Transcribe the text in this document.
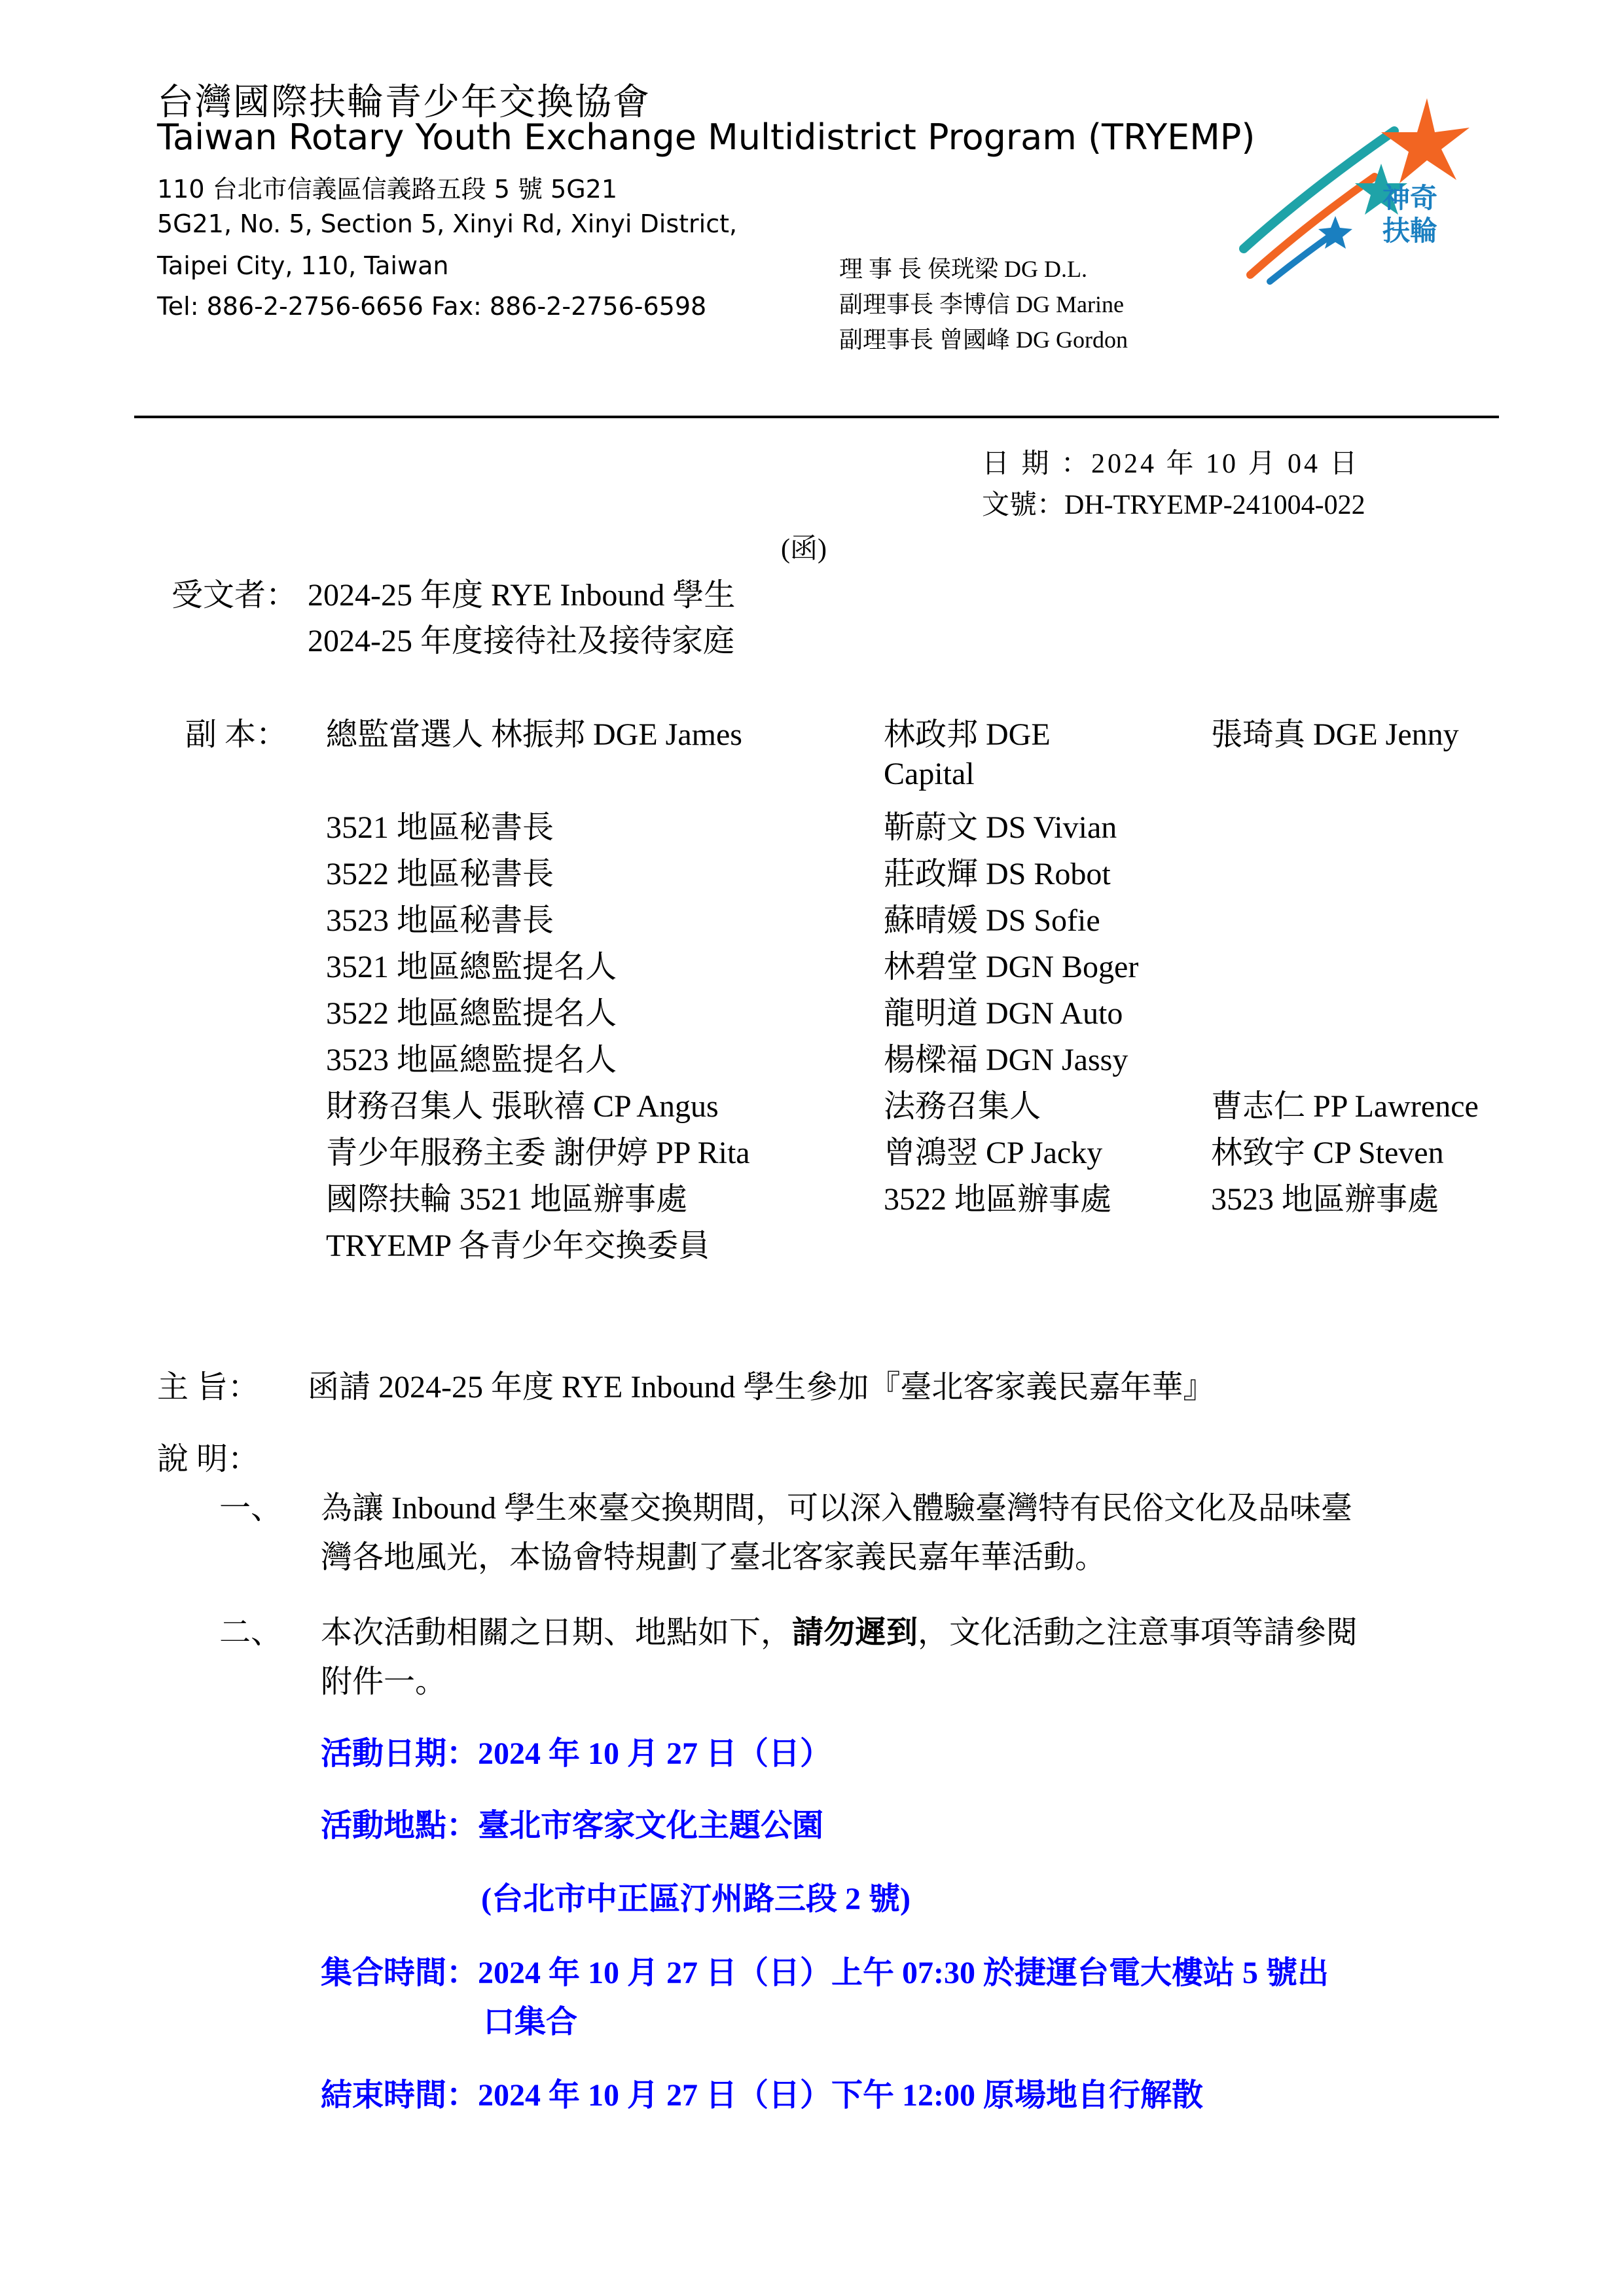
台灣國際扶輪青少年交換協會
Taiwan Rotary Youth Exchange Multidistrict Program (TRYEMP)
110 台北市信義區信義路五段 5 號 5G21
5G21, No. 5, Section 5, Xinyi Rd, Xinyi District,
Taipei City, 110, Taiwan
Tel: 886-2-2756-6656 Fax: 886-2-2756-6598
理 事 長 侯珖梁 DG D.L.
副理事長 李博信 DG Marine
副理事長 曾國峰 DG Gordon
神奇
扶輪
日 期 ：2024 年 10 月 04 日
文號：DH-TRYEMP-241004-022
(函)
受文者： 2024-25 年度 RYE Inbound 學生
2024-25 年度接待社及接待家庭
副 本： 總監當選人 林振邦 DGE James	林政邦 DGE	張琦真 DGE Jenny
Capital
3521 地區秘書長	靳蔚文 DS Vivian
3522 地區秘書長	莊政輝 DS Robot
3523 地區秘書長	蘇晴媛 DS Sofie
3521 地區總監提名人	林碧堂 DGN Boger
3522 地區總監提名人	龍明道 DGN Auto
3523 地區總監提名人	楊樑福 DGN Jassy
財務召集人 張耿禧 CP Angus	法務召集人	曹志仁 PP Lawrence
青少年服務主委 謝伊婷 PP Rita	曾鴻翌 CP Jacky	林致宇 CP Steven
國際扶輪 3521 地區辦事處	3522 地區辦事處	3523 地區辦事處
TRYEMP 各青少年交換委員
主 旨： 函請 2024-25 年度 RYE Inbound 學生參加『臺北客家義民嘉年華』
說 明：
一、 為讓 Inbound 學生來臺交換期間，可以深入體驗臺灣特有民俗文化及品味臺
灣各地風光，本協會特規劃了臺北客家義民嘉年華活動。
二、 本次活動相關之日期、地點如下，請勿遲到，文化活動之注意事項等請參閱
附件一。
活動日期：2024 年 10 月 27 日（日）
活動地點：臺北市客家文化主題公園
(台北市中正區汀州路三段 2 號)
集合時間：2024 年 10 月 27 日（日）上午 07:30 於捷運台電大樓站 5 號出
口集合
結束時間：2024 年 10 月 27 日（日）下午 12:00 原場地自行解散
